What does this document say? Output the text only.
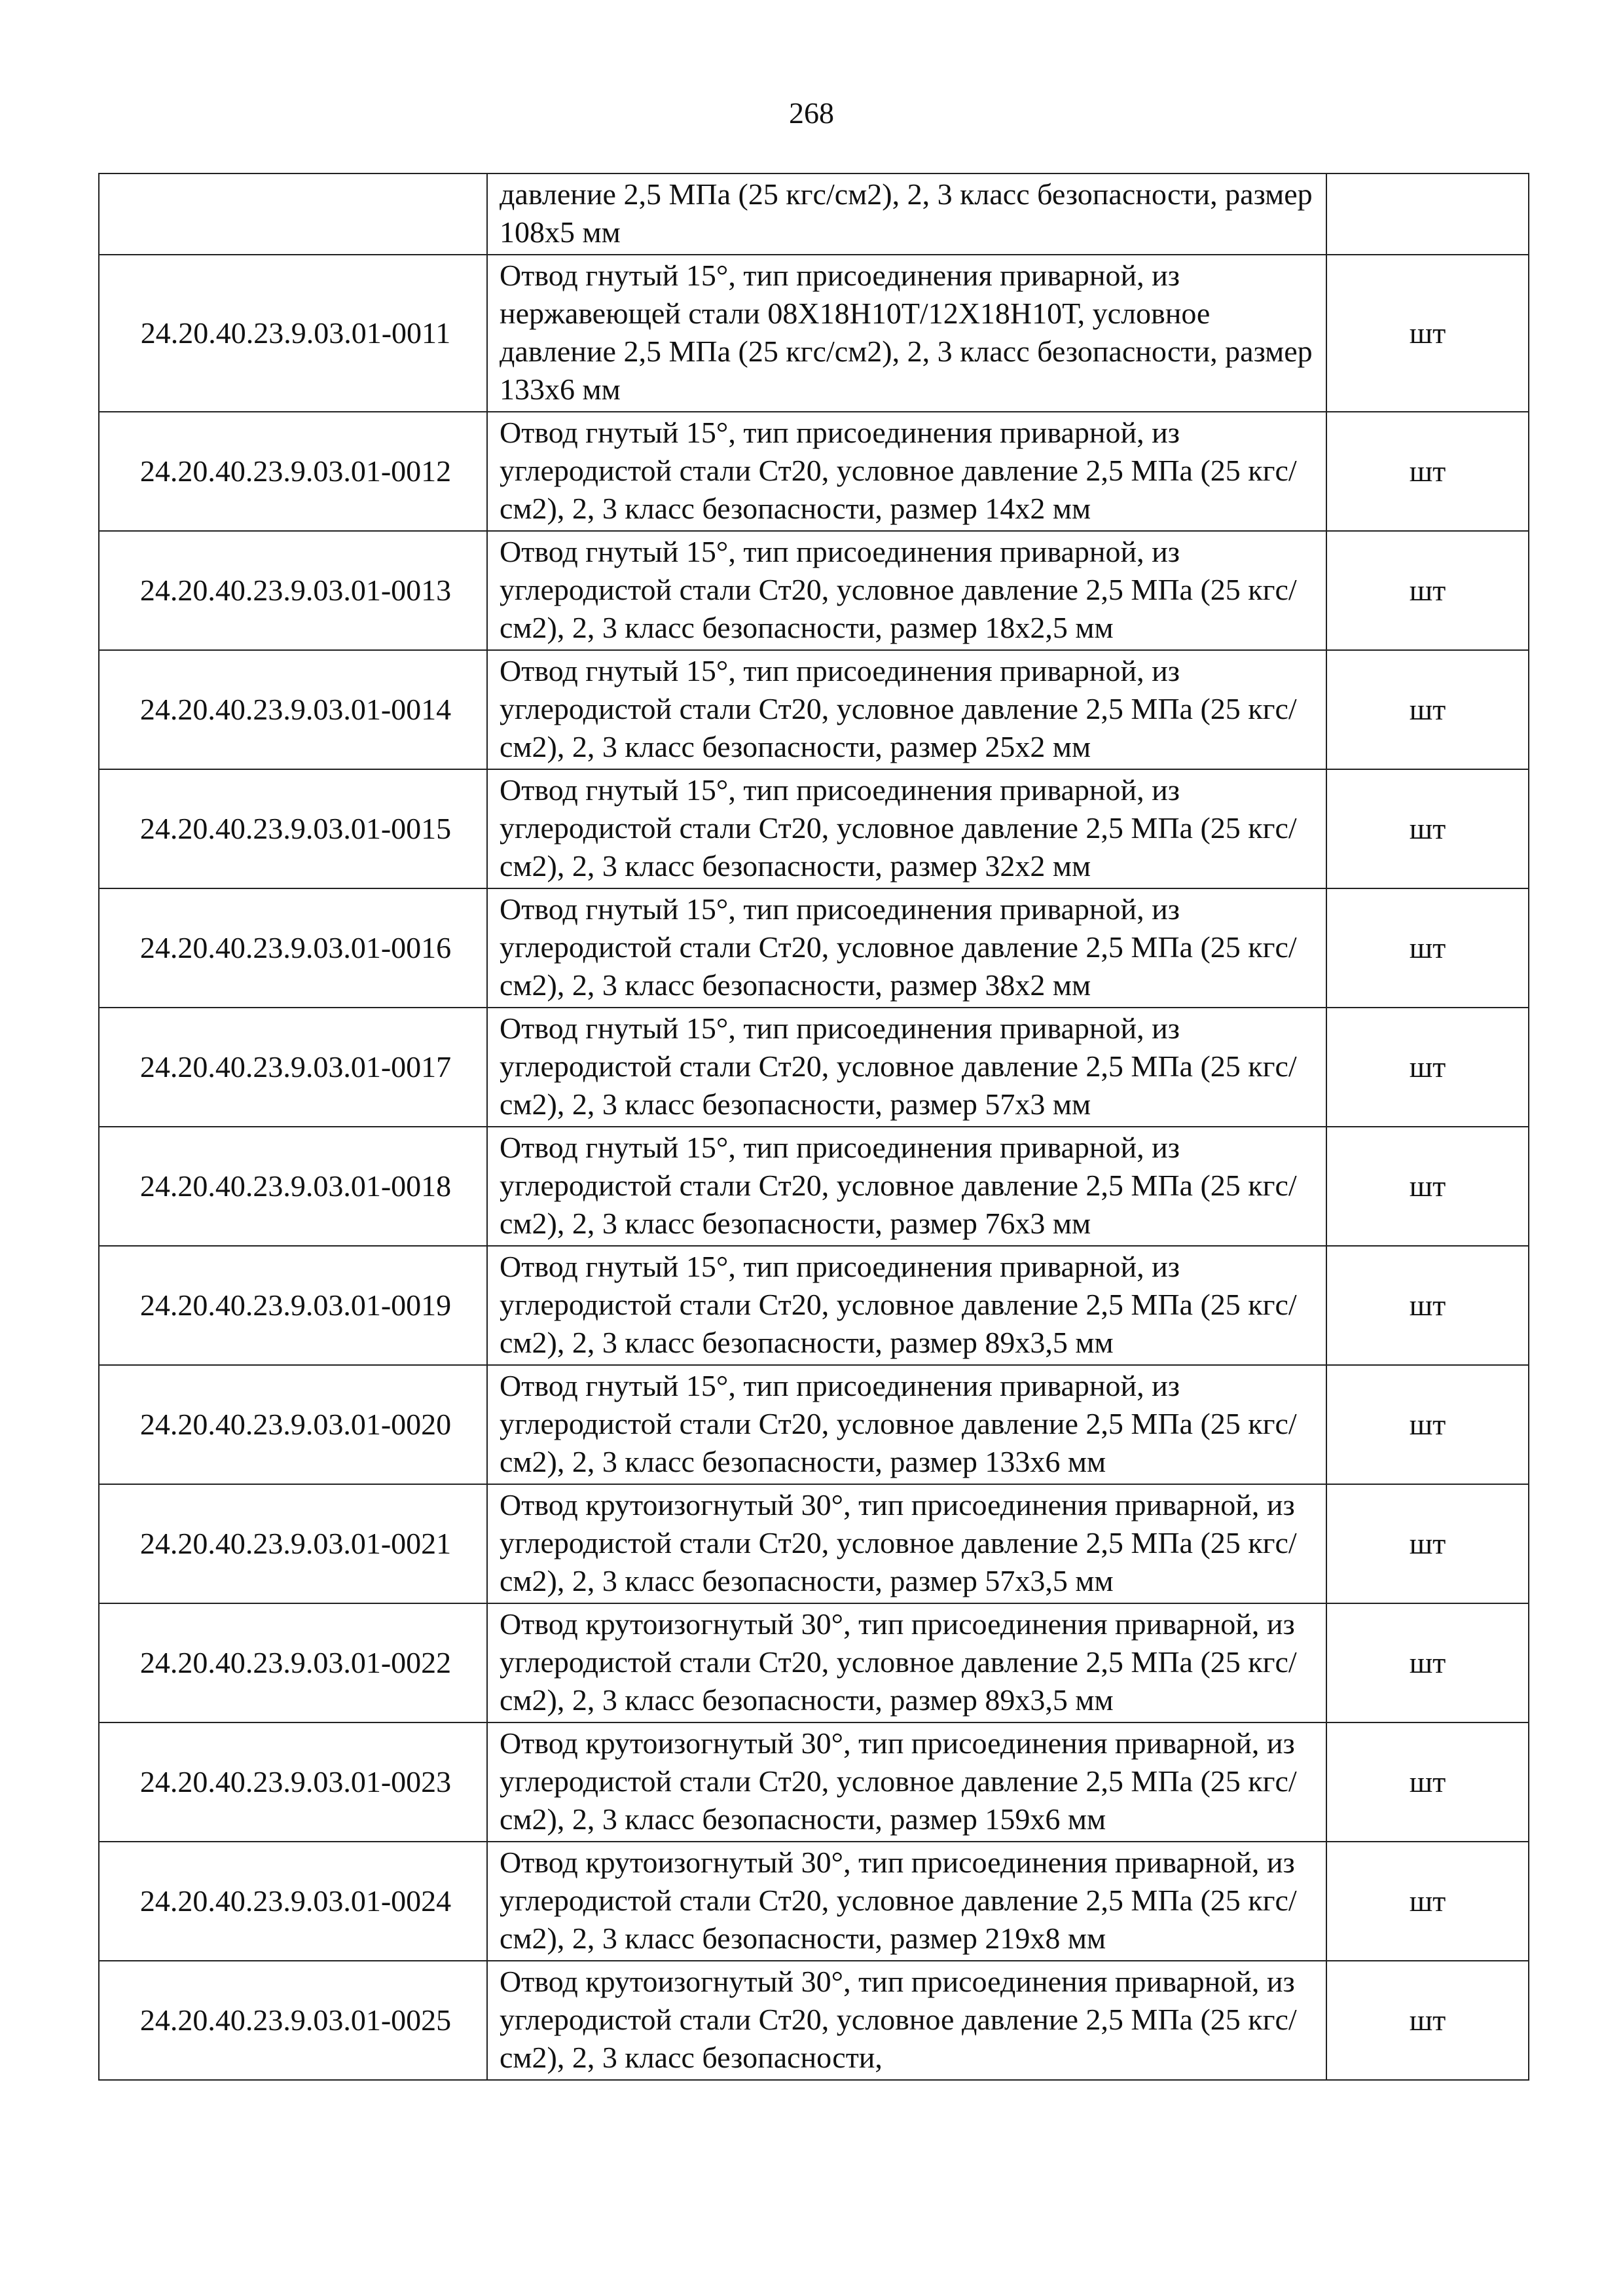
268
	давление 2,5 МПа (25 кгс/см2), 2, 3 класс безопасности, размер 108x5 мм	
24.20.40.23.9.03.01-0011	Отвод гнутый 15°, тип присоединения приварной, из нержавеющей стали 08Х18Н10Т/12Х18Н10Т, условное давление 2,5 МПа (25 кгс/см2), 2, 3 класс безопасности, размер 133x6 мм	шт
24.20.40.23.9.03.01-0012	Отвод гнутый 15°, тип присоединения приварной, из углеродистой стали Ст20, условное давление 2,5 МПа (25 кгс/см2), 2, 3 класс безопасности, размер 14x2 мм	шт
24.20.40.23.9.03.01-0013	Отвод гнутый 15°, тип присоединения приварной, из углеродистой стали Ст20, условное давление 2,5 МПа (25 кгс/см2), 2, 3 класс безопасности, размер 18x2,5 мм	шт
24.20.40.23.9.03.01-0014	Отвод гнутый 15°, тип присоединения приварной, из углеродистой стали Ст20, условное давление 2,5 МПа (25 кгс/см2), 2, 3 класс безопасности, размер 25x2 мм	шт
24.20.40.23.9.03.01-0015	Отвод гнутый 15°, тип присоединения приварной, из углеродистой стали Ст20, условное давление 2,5 МПа (25 кгс/см2), 2, 3 класс безопасности, размер 32x2 мм	шт
24.20.40.23.9.03.01-0016	Отвод гнутый 15°, тип присоединения приварной, из углеродистой стали Ст20, условное давление 2,5 МПа (25 кгс/см2), 2, 3 класс безопасности, размер 38x2 мм	шт
24.20.40.23.9.03.01-0017	Отвод гнутый 15°, тип присоединения приварной, из углеродистой стали Ст20, условное давление 2,5 МПа (25 кгс/см2), 2, 3 класс безопасности, размер 57x3 мм	шт
24.20.40.23.9.03.01-0018	Отвод гнутый 15°, тип присоединения приварной, из углеродистой стали Ст20, условное давление 2,5 МПа (25 кгс/см2), 2, 3 класс безопасности, размер 76x3 мм	шт
24.20.40.23.9.03.01-0019	Отвод гнутый 15°, тип присоединения приварной, из углеродистой стали Ст20, условное давление 2,5 МПа (25 кгс/см2), 2, 3 класс безопасности, размер 89x3,5 мм	шт
24.20.40.23.9.03.01-0020	Отвод гнутый 15°, тип присоединения приварной, из углеродистой стали Ст20, условное давление 2,5 МПа (25 кгс/см2), 2, 3 класс безопасности, размер 133x6 мм	шт
24.20.40.23.9.03.01-0021	Отвод крутоизогнутый 30°, тип присоединения приварной, из углеродистой стали Ст20, условное давление 2,5 МПа (25 кгс/см2), 2, 3 класс безопасности, размер 57x3,5 мм	шт
24.20.40.23.9.03.01-0022	Отвод крутоизогнутый 30°, тип присоединения приварной, из углеродистой стали Ст20, условное давление 2,5 МПа (25 кгс/см2), 2, 3 класс безопасности, размер 89x3,5 мм	шт
24.20.40.23.9.03.01-0023	Отвод крутоизогнутый 30°, тип присоединения приварной, из углеродистой стали Ст20, условное давление 2,5 МПа (25 кгс/см2), 2, 3 класс безопасности, размер 159x6 мм	шт
24.20.40.23.9.03.01-0024	Отвод крутоизогнутый 30°, тип присоединения приварной, из углеродистой стали Ст20, условное давление 2,5 МПа (25 кгс/см2), 2, 3 класс безопасности, размер 219x8 мм	шт
24.20.40.23.9.03.01-0025	Отвод крутоизогнутый 30°, тип присоединения приварной, из углеродистой стали Ст20, условное давление 2,5 МПа (25 кгс/см2), 2, 3 класс безопасности,	шт
